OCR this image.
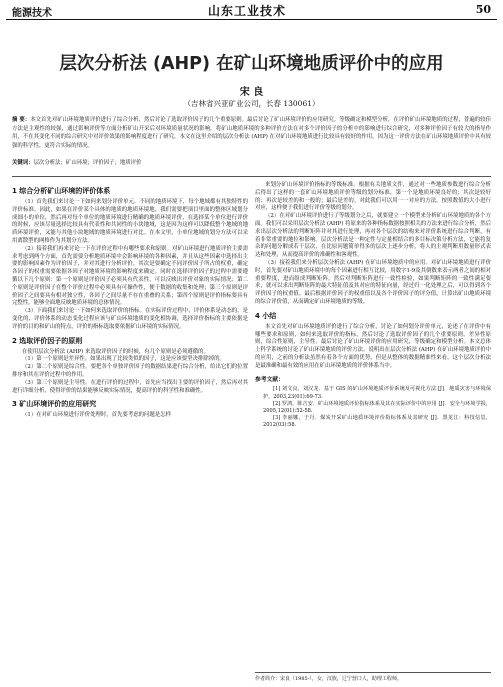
能源技术	山东工业技术	50
层次分析法 (AHP) 在矿山环境地质评价中的应用
宋 良
（吉林省兴亚矿业公司，长春 130061）
摘 要：本文首先对矿山环境地质评价进行了综合分析，然后讨论了选取评价因子的几个重要原则。最后讨论了矿山环境评价的应用研究。等级确定和模型分析，在评价矿山环境地质的过程，普遍的较佳方法是主观性的较强，通过影响评价等方面分析矿山开采后对环境质量状况的影响。将矿山地质环境的多种评价方法在对多个评价因子的分析中的影响进行综合研究，对多种评价因子有较大的指导作用，不在其变化不同的综合研究中对评价效果的影响程度进行了研究，本文在这里介绍的层次分析法 (AHP) 在对矿山环境地质进行比较具有较好的作用，因为这一评价方法在矿山环境地质评价中具有较强的科学性，更符合实际的情况。
关键词：层次分析法；矿山环境；评价因子；地质评价
1 综合分析矿山环境的评价体系

（1）首先我们来讨论一下如何来划分评价单元。不同的地质环境下，每个地域都有其独特性的评价标准。因此，如果在评价某个具体的地质的地质环境地，我们需要把项目里面的整体区域划分成细小的单位，然后再对每个单位的地质环境进行精确的地质环境评价，在选择某个单位进行评价的时候，应该尽量选择比较具有代表性和共同性的小块地域，这是因为这样可以降低整个地域的地质环境评价，又能与其他小块地域的地质环境进行对比。在本文里，小单位地域的划分方法可以采用离散型的网格作为其划分方法。

（2）接着我们再来讨论一下在评价过程中有哪些要求和原则。对矿山环境进行地质评价主要需求考虑到两个方面，首先需要分析地质环境中会影响环境的各种因素，并且从这些因素中选择出主要的影响因素作为评价因子，并对其进行分析评价。其次是要确定不同评价因子所占的权重，确定各因子的权重需要依据各因子对地质环境的影响程度来确定。同时在选择评价因子的过程中需要遵循以下几个原则：第一个原则是评价因子必须具有代表性，可以反映出评价对象的实际情况；第二个原则是评价因子在整个评价过程中必须具有可操作性，便于数据的收集和处理；第三个原则是评价因子之间要具有相对独立性，各因子之间尽量不存在重叠的关系；第四个原则是评价指标要具有完整性，能够全面地反映地质环境的总体情况。

（3）下面我们来讨论一下如何来选取评价的指标。在实际评价过程中，评价体系是动态的，是变化的，评价体系的动态变化过程应该与矿山环境地质的变化相协调，选择评价指标的主要依据是评价的目的和矿山的特点，评价的指标选取要依据矿山环境的实际情况。

2 选取评价因子的原则

在使用层次分析法 (AHP) 来选取评价因子的时候，有几个原则是必须遵循的。

（1）第一个原则是差异性。如果出现了比较类似的因子，这是应该要坚决排除掉的。

（2）第二个原则是综合性。要把各个单独评价因子的数据结果进行综合分析，给出它们的位置排序和其在评价过程中的作用。

（3）第三个原则是主导性。在进行评价的过程中，首先应当找出主要的评价因子，然后再对其进行详细分析，使得评价的结果能够反映实际情况，提高评价的科学性和准确性。

3 矿山环境评价的应用研究

（1）在对矿山环境进行评价处理时，首先要考虑的问题是怎样

来划分矿山环境评价指标的等级标准。根据有关地质文件，通过对一些地质参数进行综合分析后得出了这样的一套矿山环境地质评价等级的划分标准，第一个是地质环境良好的；其次是较好的；再次是较差的和一般的；最后是差的。对此我们可以用一一对应的方法，按照数值的大小进行对应，这样便于我们进行评价等级的划分。

（2）在对矿山环境评价进行了等级划分之后，就要建立一个模型来分析矿山环境地质的各个方面。我们可以采用层次分析法 (AHP) 将原来的各种指标数据按照相关的方法来进行综合分析，然后求出层次分析法的判断矩阵并对其进行处理，再对各个层次的结构来对评价系统进行综合判断，有着非常重要的地位和影响。层次分析法是一种定性与定量相结合的多目标决策分析方法，它能将复杂的问题分解成若干层次，在比原问题简单得多的层次上逐步分析，将人的主观判断用数量形式表达和处理，从而提高评价的准确性和客观性。

（3）接着我们来分析层次分析法 (AHP) 在矿山环境地质中的应用。对矿山环境地质进行评价时，首先要对矿山地质环境中的每个因素进行相互比较，用数字1-9及其倒数来表示两者之间的相对重要程度，进而组成判断矩阵。然后对判断矩阵进行一致性检验，如果判断矩阵的一致性满足要求，就可以求出判断矩阵的最大特征值及其对应的特征向量，经过归一化处理之后，可以得到各个评价因子的权重值。最后根据评价因子的权重值以及各个评价因子的评分值，计算出矿山地质环境的综合评价值，从而确定矿山环境地质的等级。

4 小结

本文首先对矿山环境地质评价进行了综合分析，讨论了如何划分评价单元，论述了在评价中有哪些要求和原则，如何来选取评价的指标，然后讨论了选取评价因子的几个重要原则，差异性原则，综合性原则，主导性。最后讨论了矿山环境评价的应用研究，等级确定和模型分析。本文总体上科学系统的讨论了矿山环境地质的评价方法，说明出在层次分析法 (AHP) 在矿山环境地质评价中的应用，之前的分析法虽然有着各个方面的优势，但是从整体的数据精准性来看，这个层次分析法是最准确和最有效的应用在矿山环境地质的评价体系当中。

参考文献：

[1] 刘文良，刘汉龙．基于 GIS 的矿山环境地质评价系统及可视化方法 [J]．地质灾害与环境保护，2003,23(01):69-73.

[2] 罗鸿，陈吉安．矿山环境地质评价指标体系及其在实际评价中的应用 [J]．安全与环境学报，2005,12(01):52-58.

[3] 李丽娜，于丹．煤炭开采矿山地质环境评价指标体系及其研究 [J]．黑龙江：科技信息，2012(03):58.

作者简介：宋良（1985-），女，汉族，辽宁营口人，助理工程师。
